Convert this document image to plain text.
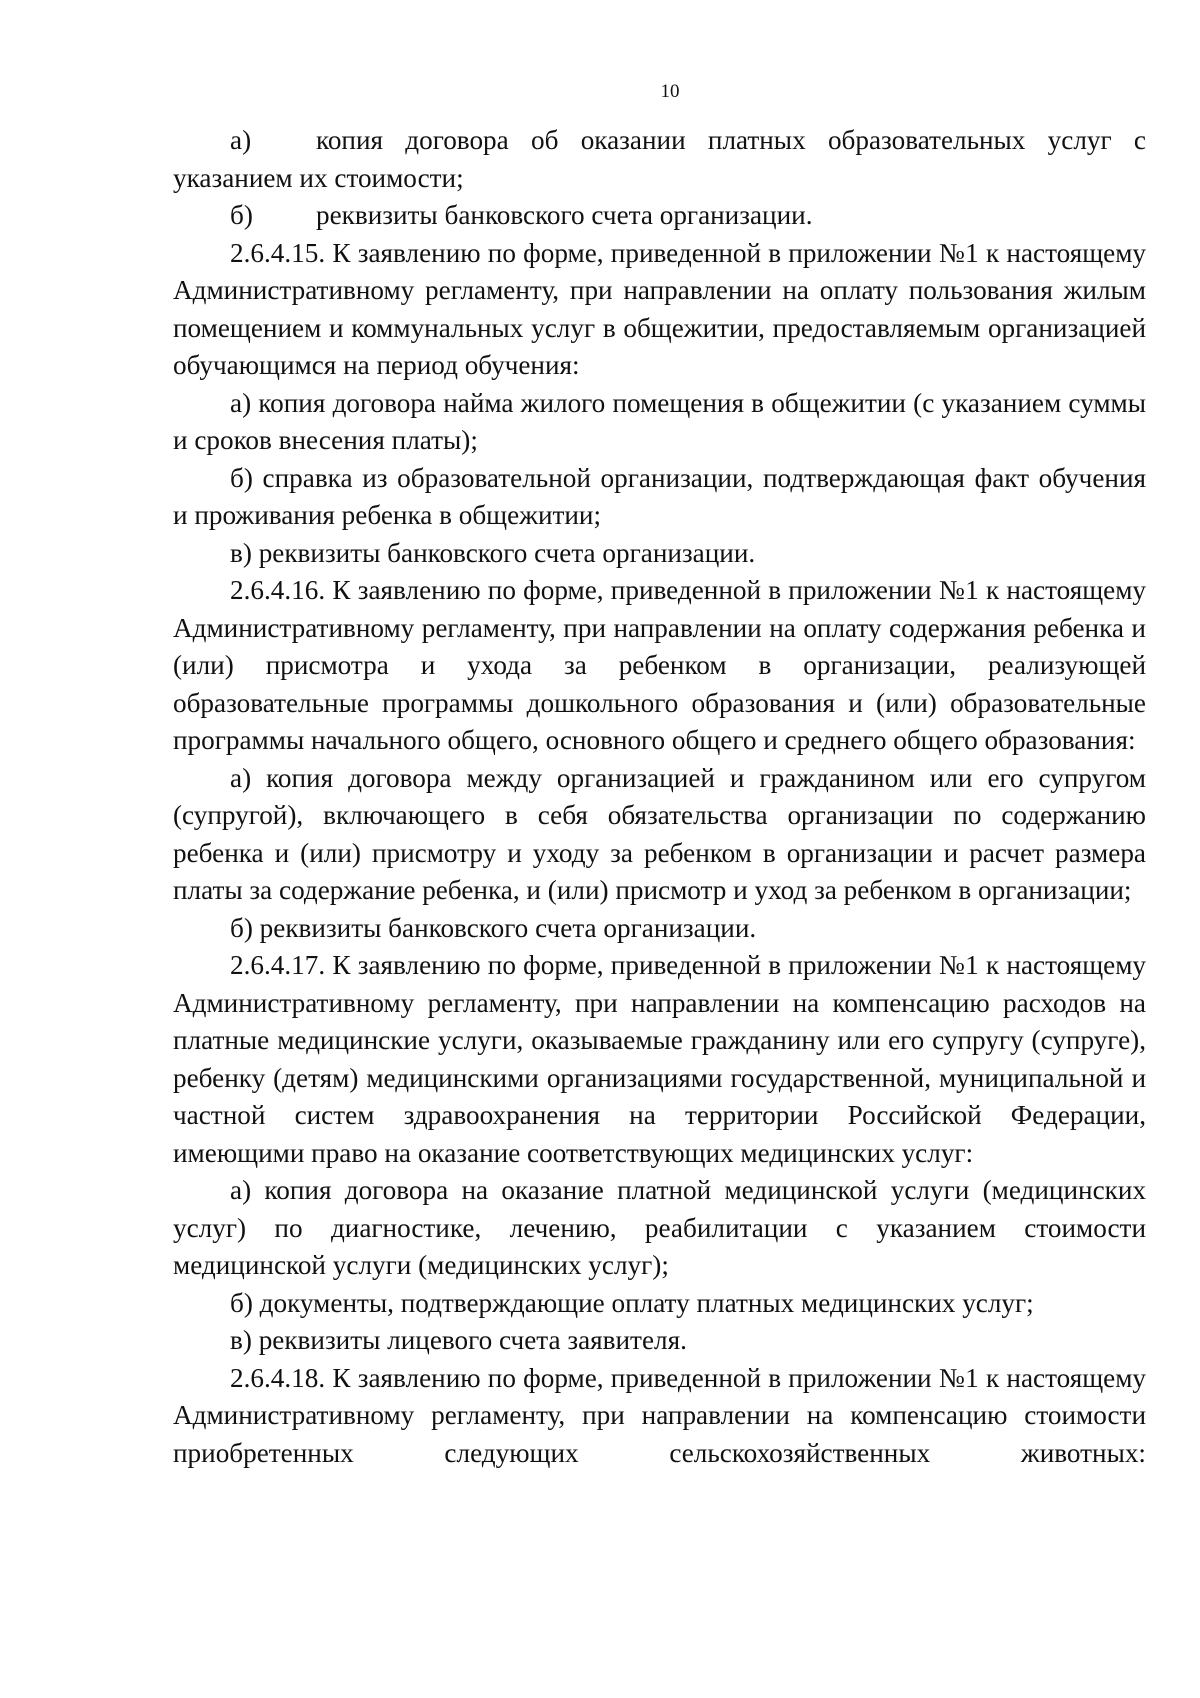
10

а) копия договора об оказании платных образовательных услуг с указанием их стоимости;

б) реквизиты банковского счета организации.

2.6.4.15. К заявлению по форме, приведенной в приложении №1 к настоящему Административному регламенту, при направлении на оплату пользования жилым помещением и коммунальных услуг в общежитии, предоставляемым организацией обучающимся на период обучения:

а) копия договора найма жилого помещения в общежитии (с указанием суммы и сроков внесения платы);

б) справка из образовательной организации, подтверждающая факт обучения и проживания ребенка в общежитии;

в) реквизиты банковского счета организации.

2.6.4.16. К заявлению по форме, приведенной в приложении №1 к настоящему Административному регламенту, при направлении на оплату содержания ребенка и (или) присмотра и ухода за ребенком в организации, реализующей образовательные программы дошкольного образования и (или) образовательные программы начального общего, основного общего и среднего общего образования:

а) копия договора между организацией и гражданином или его супругом (супругой), включающего в себя обязательства организации по содержанию ребенка и (или) присмотру и уходу за ребенком в организации и расчет размера платы за содержание ребенка, и (или) присмотр и уход за ребенком в организации;

б) реквизиты банковского счета организации.

2.6.4.17. К заявлению по форме, приведенной в приложении №1 к настоящему Административному регламенту, при направлении на компенсацию расходов на платные медицинские услуги, оказываемые гражданину или его супругу (супруге), ребенку (детям) медицинскими организациями государственной, муниципальной и частной систем здравоохранения на территории Российской Федерации, имеющими право на оказание соответствующих медицинских услуг:

а) копия договора на оказание платной медицинской услуги (медицинских услуг) по диагностике, лечению, реабилитации с указанием стоимости медицинской услуги (медицинских услуг);

б) документы, подтверждающие оплату платных медицинских услуг;

в) реквизиты лицевого счета заявителя.

2.6.4.18. К заявлению по форме, приведенной в приложении №1 к настоящему Административному регламенту, при направлении на компенсацию стоимости приобретенных следующих сельскохозяйственных животных:
